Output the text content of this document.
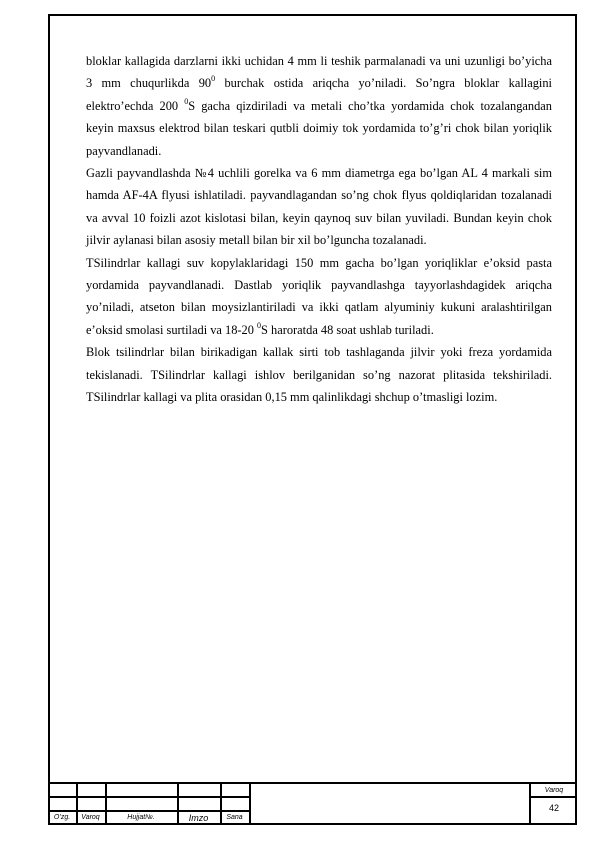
bloklar kallagida darzlarni ikki uchidan 4 mm li teshik parmalanadi va uni uzunligi bo’yicha 3 mm chuqurlikda $90^0$ burchak ostida ariqcha yo’niladi. So’ngra bloklar kallagini elektro’echda 200 $^0$S gacha qizdiriladi va metali cho’tka yordamida chok tozalangandan keyin maxsus elektrod bilan teskari qutbli doimiy tok yordamida to’g’ri chok bilan yoriqlik payvandlanadi.

Gazli payvandlashda №4 uchlili gorelka va 6 mm diametrga ega bo’lgan AL 4 markali sim hamda AF-4A flyusi ishlatiladi. payvandlagandan so’ng chok flyus qoldiqlaridan tozalanadi va avval 10 foizli azot kislotasi bilan, keyin qaynoq suv bilan yuviladi. Bundan keyin chok jilvir aylanasi bilan asosiy metall bilan bir xil bo’lguncha tozalanadi.

TSilindrlar kallagi suv kopylaklaridagi 150 mm gacha bo’lgan yoriqliklar e’oksid pasta yordamida payvandlanadi. Dastlab yoriqlik payvandlashga tayyorlashdagidek ariqcha yo’niladi, atseton bilan moysizlantiriladi va ikki qatlam alyuminiy kukuni aralashtirilgan e’oksid smolasi surtiladi va 18-20 $^0$S haroratda 48 soat ushlab turiladi.

Blok tsilindrlar bilan birikadigan kallak sirti tob tashlaganda jilvir yoki freza yordamida tekislanadi. TSilindrlar kallagi ishlov berilganidan so’ng nazorat plitasida tekshiriladi. TSilindrlar kallagi va plita orasidan 0,15 mm qalinlikdagi shchup o’tmasligi lozim.

O’zg.	Varoq	Hujjat№.	Imzo	Sana
Varoq
42
